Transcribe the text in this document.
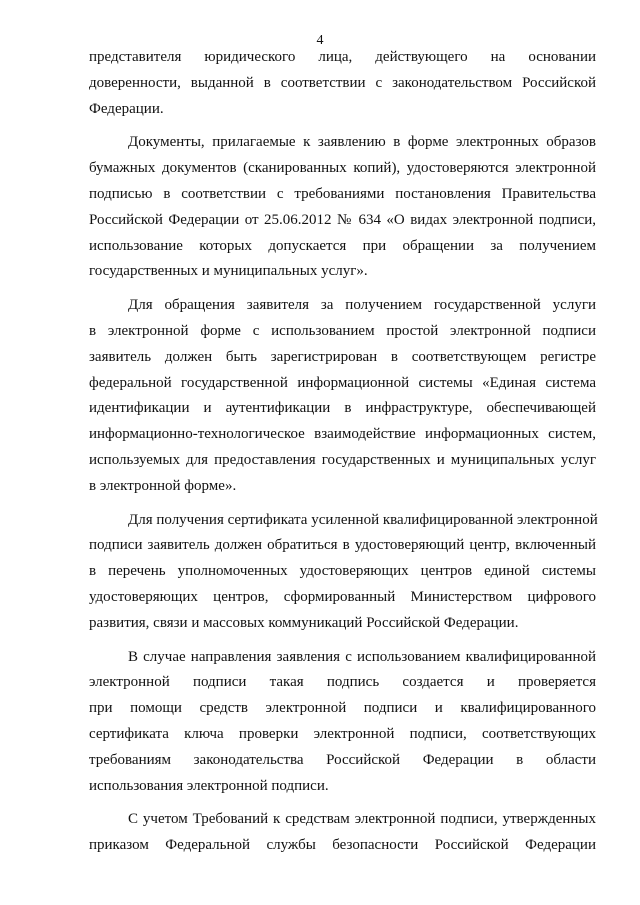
4
представителя юридического лица, действующего на основании
доверенности, выданной в соответствии с законодательством Российской
Федерации.
Документы, прилагаемые к заявлению в форме электронных образов
бумажных документов (сканированных копий), удостоверяются электронной
подписью в соответствии с требованиями постановления Правительства
Российской Федерации от 25.06.2012 № 634 «О видах электронной подписи,
использование которых допускается при обращении за получением
государственных и муниципальных услуг».
Для обращения заявителя за получением государственной услуги
в электронной форме с использованием простой электронной подписи
заявитель должен быть зарегистрирован в соответствующем регистре
федеральной государственной информационной системы «Единая система
идентификации и аутентификации в инфраструктуре, обеспечивающей
информационно-технологическое взаимодействие информационных систем,
используемых для предоставления государственных и муниципальных услуг
в электронной форме».
Для получения сертификата усиленной квалифицированной электронной
подписи заявитель должен обратиться в удостоверяющий центр, включенный
в перечень уполномоченных удостоверяющих центров единой системы
удостоверяющих центров, сформированный Министерством цифрового
развития, связи и массовых коммуникаций Российской Федерации.
В случае направления заявления с использованием квалифицированной
электронной подписи такая подпись создается и проверяется
при помощи средств электронной подписи и квалифицированного
сертификата ключа проверки электронной подписи, соответствующих
требованиям законодательства Российской Федерации в области
использования электронной подписи.
С учетом Требований к средствам электронной подписи, утвержденных
приказом Федеральной службы безопасности Российской Федерации
